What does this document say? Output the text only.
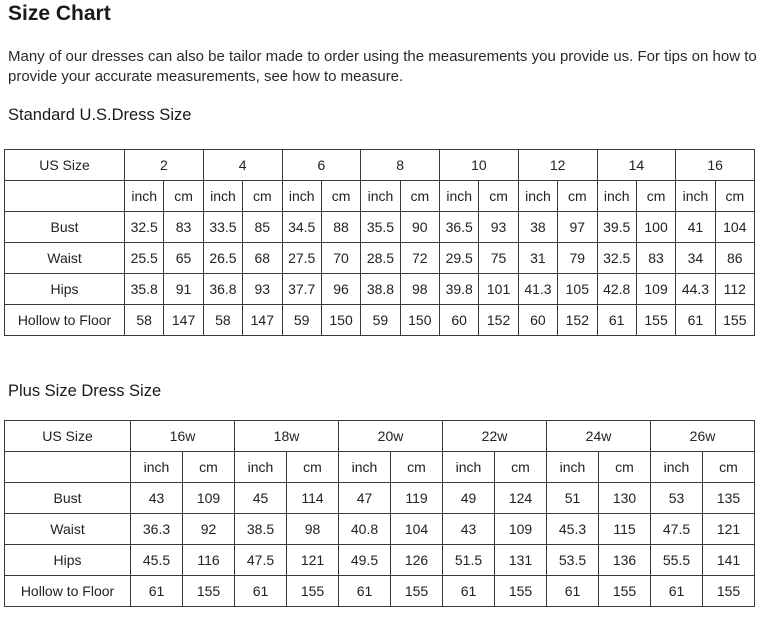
Size Chart
Many of our dresses can also be tailor made to order using the measurements you provide us. For tips on how to provide your accurate measurements, see how to measure.
Standard U.S.Dress Size
US Size	2		4		6		8		10		12		14		16	
	inch	cm	inch	cm	inch	cm	inch	cm	inch	cm	inch	cm	inch	cm	inch	cm
Bust	32.5	83	33.5	85	34.5	88	35.5	90	36.5	93	38	97	39.5	100	41	104
Waist	25.5	65	26.5	68	27.5	70	28.5	72	29.5	75	31	79	32.5	83	34	86
Hips	35.8	91	36.8	93	37.7	96	38.8	98	39.8	101	41.3	105	42.8	109	44.3	112
Hollow to Floor	58	147	58	147	59	150	59	150	60	152	60	152	61	155	61	155
Plus Size Dress Size
US Size	16w		18w		20w		22w		24w		26w	
	inch	cm	inch	cm	inch	cm	inch	cm	inch	cm	inch	cm
Bust	43	109	45	114	47	119	49	124	51	130	53	135
Waist	36.3	92	38.5	98	40.8	104	43	109	45.3	115	47.5	121
Hips	45.5	116	47.5	121	49.5	126	51.5	131	53.5	136	55.5	141
Hollow to Floor	61	155	61	155	61	155	61	155	61	155	61	155
